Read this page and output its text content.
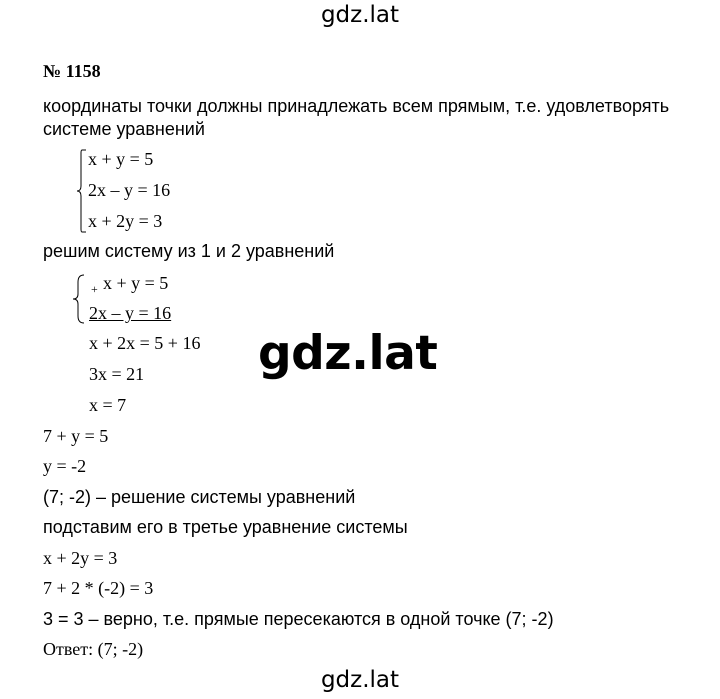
gdz.lat
№ 1158
координаты точки должны принадлежать всем прямым, т.е. удовлетворять
системе уравнений
x + y = 5
2x – y = 16
x + 2y = 3
решим систему из 1 и 2 уравнений
+ x + y = 5
2x – y = 16
x + 2x = 5 + 16
3x = 21
x = 7
gdz.lat
7 + y = 5
y = -2
(7; -2) – решение системы уравнений
подставим его в третье уравнение системы
x + 2y = 3
7 + 2 * (-2) = 3
3 = 3 – верно, т.е. прямые пересекаются в одной точке (7; -2)
Ответ: (7; -2)
gdz.lat
